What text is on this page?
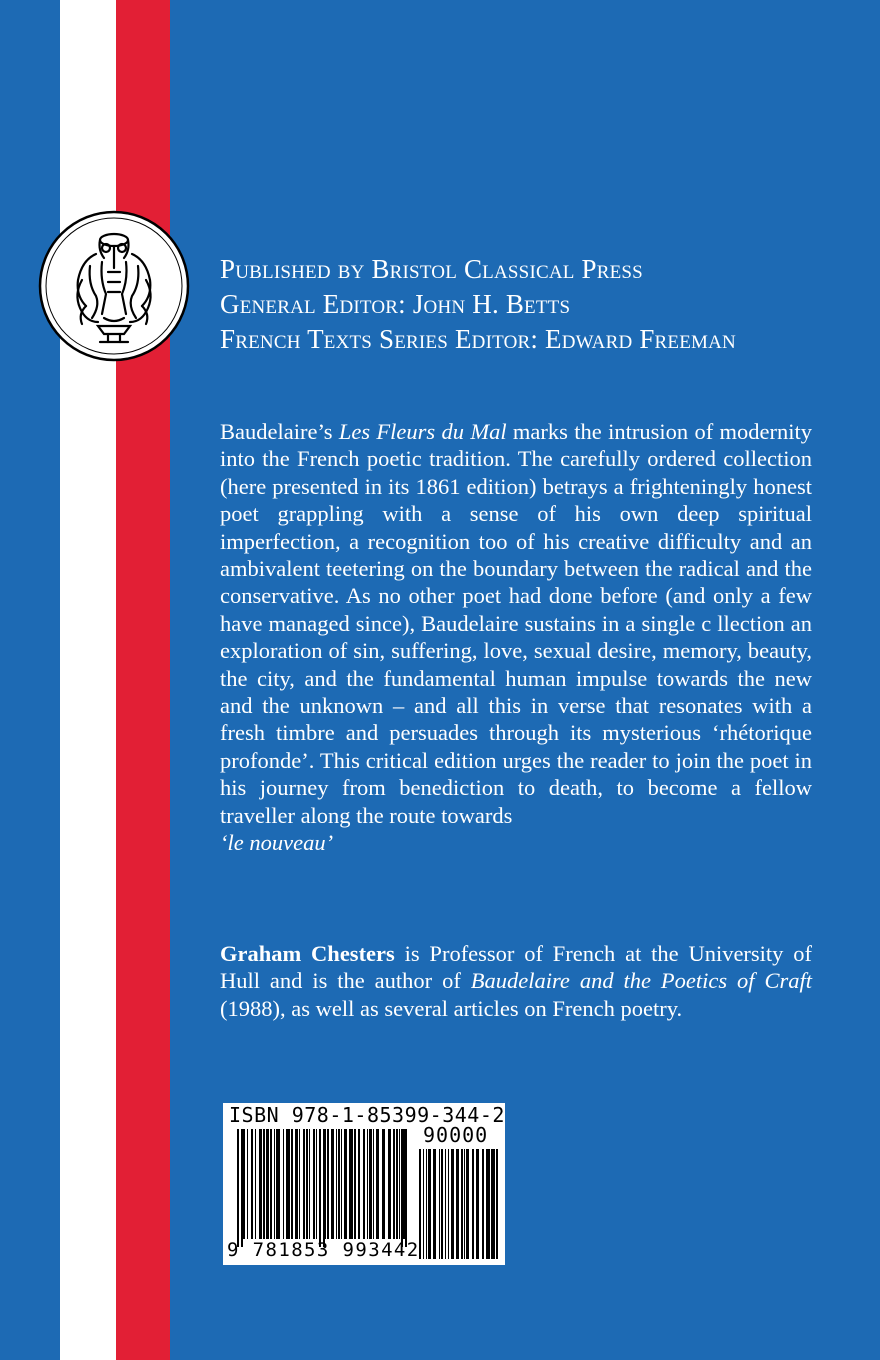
Published by Bristol Classical Press
General Editor: John H. Betts
French Texts Series Editor: Edward Freeman

Baudelaire’s Les Fleurs du Mal marks the intrusion of modernity into the French poetic tradition. The carefully ordered collection (here presented in its 1861 edition) betrays a frighteningly honest poet grappling with a sense of his own deep spiritual imperfection, a recognition too of his creative difficulty and an ambivalent teetering on the boundary between the radical and the conservative. As no other poet had done before (and only a few have managed since), Baudelaire sustains in a single c llection an exploration of sin, suffering, love, sexual desire, memory, beauty, the city, and the fundamental human impulse towards the new and the unknown – and all this in verse that resonates with a fresh timbre and persuades through its mysterious ‘rhétorique profonde’. This critical edition urges the reader to join the poet in his journey from benediction to death, to become a fellow traveller along the route towards
‘le nouveau’

Graham Chesters is Professor of French at the University of Hull and is the author of Baudelaire and the Poetics of Craft (1988), as well as several articles on French poetry.

ISBN 978-1-85399-344-2
90000
9 781853 993442
